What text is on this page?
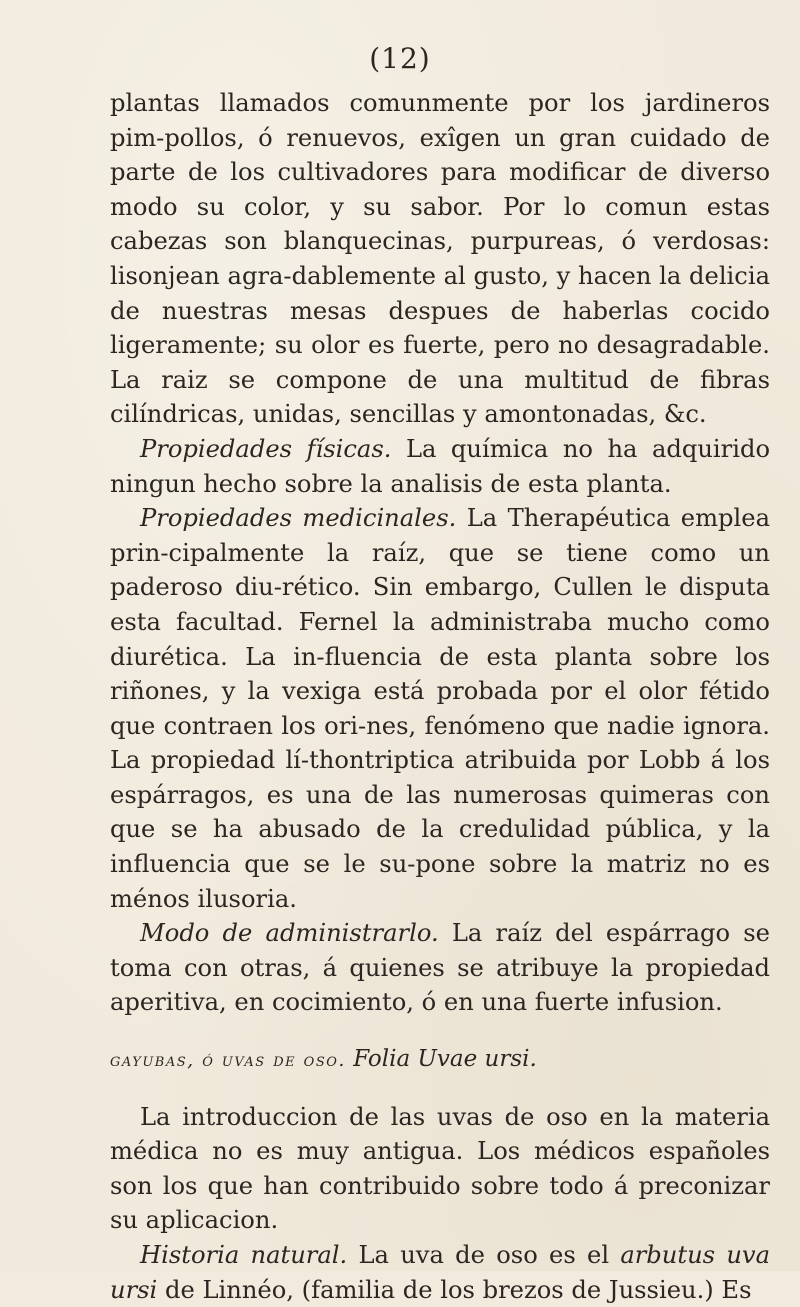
(12)

plantas llamados comunmente por los jardineros pim-pollos, ó renuevos, exîgen un gran cuidado de parte de los cultivadores para modificar de diverso modo su color, y su sabor. Por lo comun estas cabezas son blanquecinas, purpureas, ó verdosas: lisonjean agra-dablemente al gusto, y hacen la delicia de nuestras mesas despues de haberlas cocido ligeramente; su olor es fuerte, pero no desagradable. La raiz se compone de una multitud de fibras cilíndricas, unidas, sencillas y amontonadas, &c.

Propiedades físicas. La química no ha adquirido ningun hecho sobre la analisis de esta planta.

Propiedades medicinales. La Therapéutica emplea prin-cipalmente la raíz, que se tiene como un paderoso diu-rético. Sin embargo, Cullen le disputa esta facultad. Fernel la administraba mucho como diurética. La in-fluencia de esta planta sobre los riñones, y la vexiga está probada por el olor fétido que contraen los ori-nes, fenómeno que nadie ignora. La propiedad lí-thontriptica atribuida por Lobb á los espárragos, es una de las numerosas quimeras con que se ha abusado de la credulidad pública, y la influencia que se le su-pone sobre la matriz no es ménos ilusoria.

Modo de administrarlo. La raíz del espárrago se toma con otras, á quienes se atribuye la propiedad aperitiva, en cocimiento, ó en una fuerte infusion.

gayubas, ó uvas de oso. Folia Uvae ursi.

La introduccion de las uvas de oso en la materia médica no es muy antigua. Los médicos españoles son los que han contribuido sobre todo á preconizar su aplicacion.

Historia natural. La uva de oso es el arbutus uva ursi de Linnéo, (familia de los brezos de Jussieu.) Es
